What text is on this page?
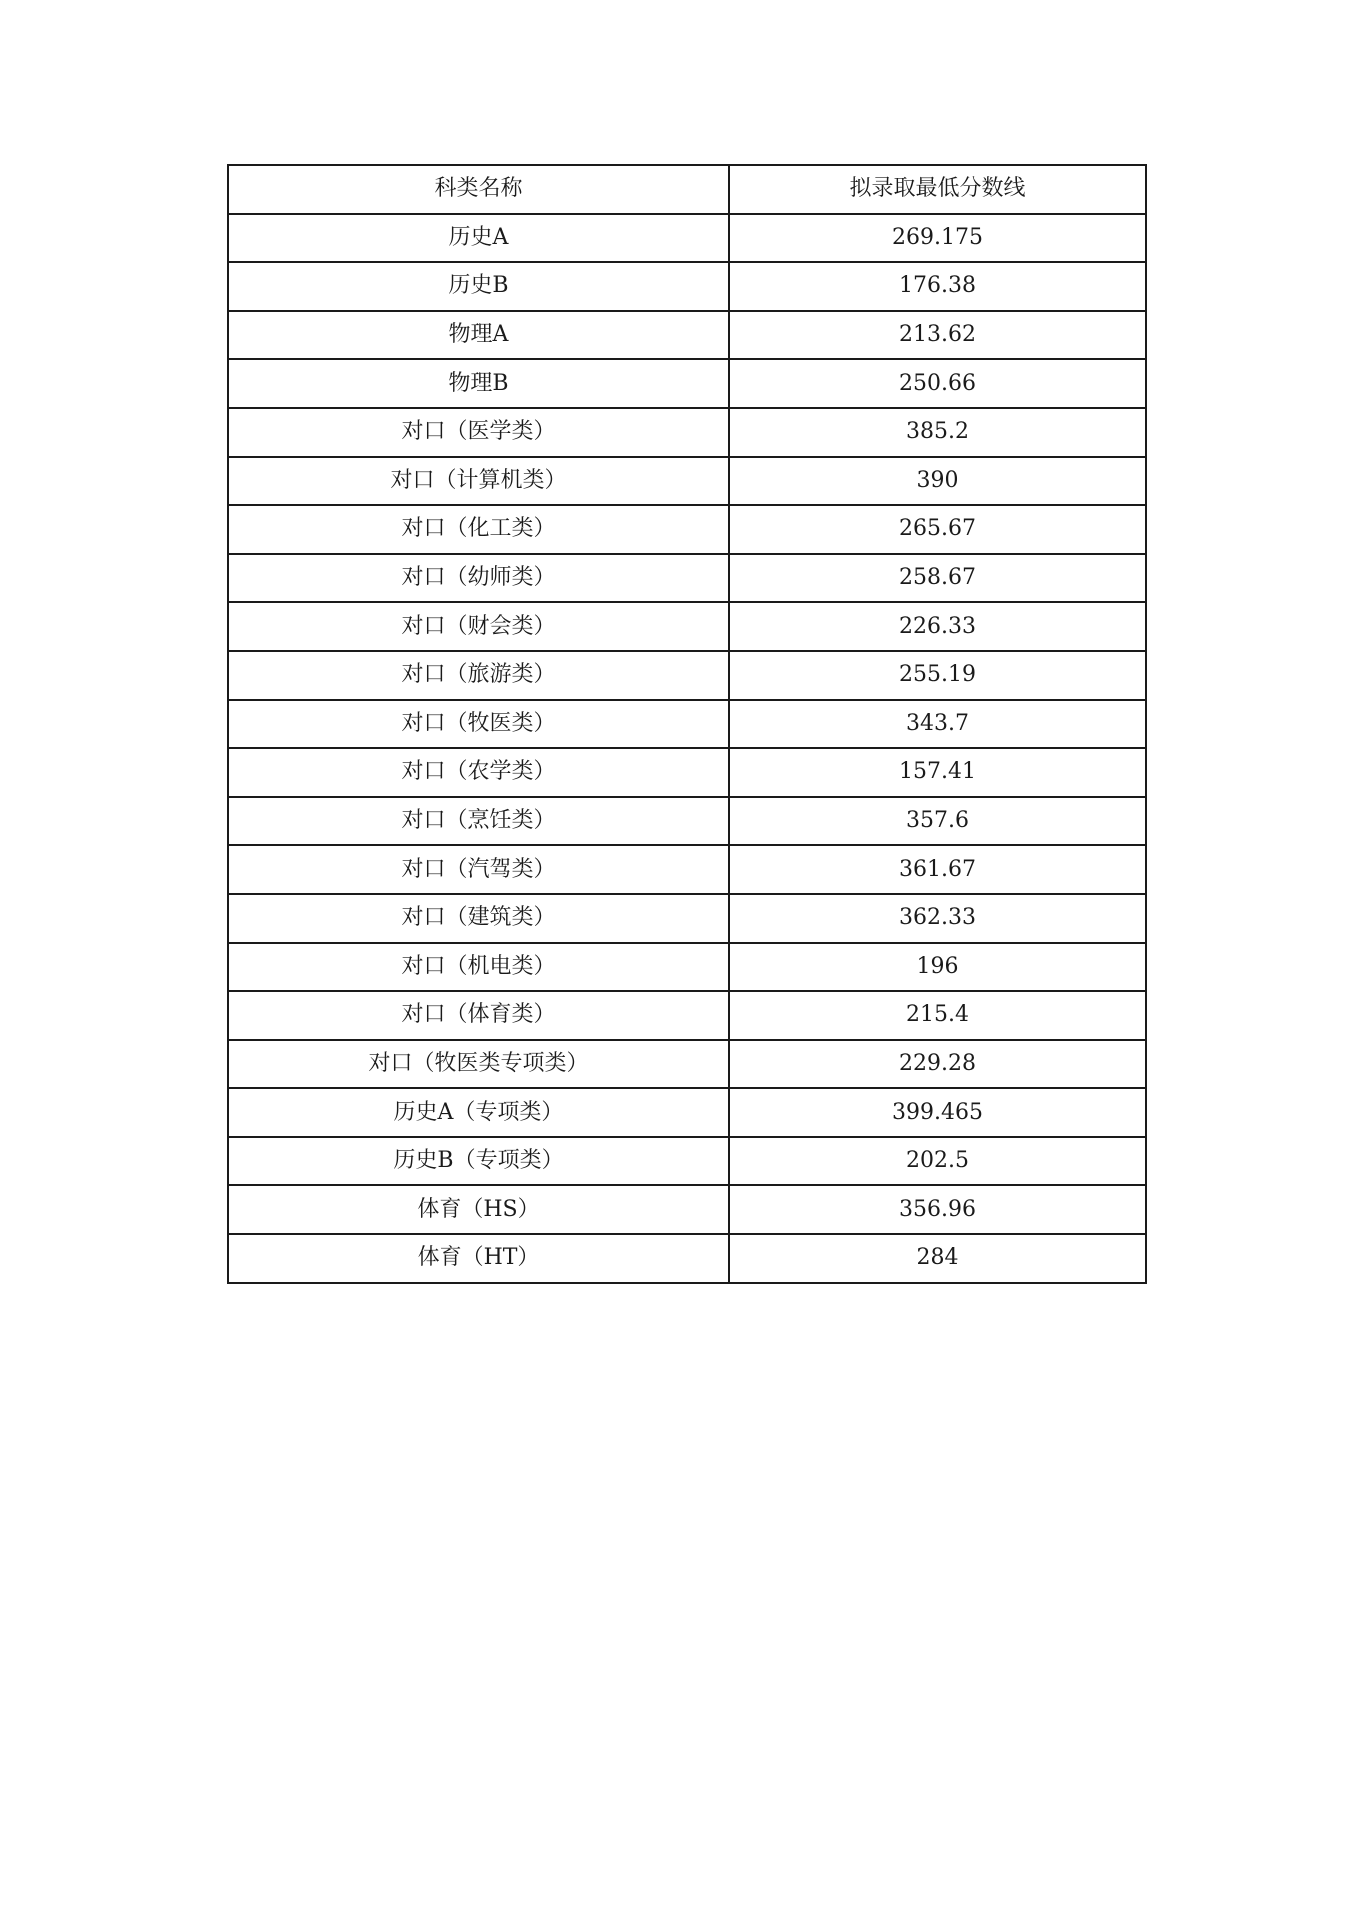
科类名称	拟录取最低分数线
历史A	269.175
历史B	176.38
物理A	213.62
物理B	250.66
对口（医学类）	385.2
对口（计算机类）	390
对口（化工类）	265.67
对口（幼师类）	258.67
对口（财会类）	226.33
对口（旅游类）	255.19
对口（牧医类）	343.7
对口（农学类）	157.41
对口（烹饪类）	357.6
对口（汽驾类）	361.67
对口（建筑类）	362.33
对口（机电类）	196
对口（体育类）	215.4
对口（牧医类专项类）	229.28
历史A（专项类）	399.465
历史B（专项类）	202.5
体育（HS）	356.96
体育（HT）	284
